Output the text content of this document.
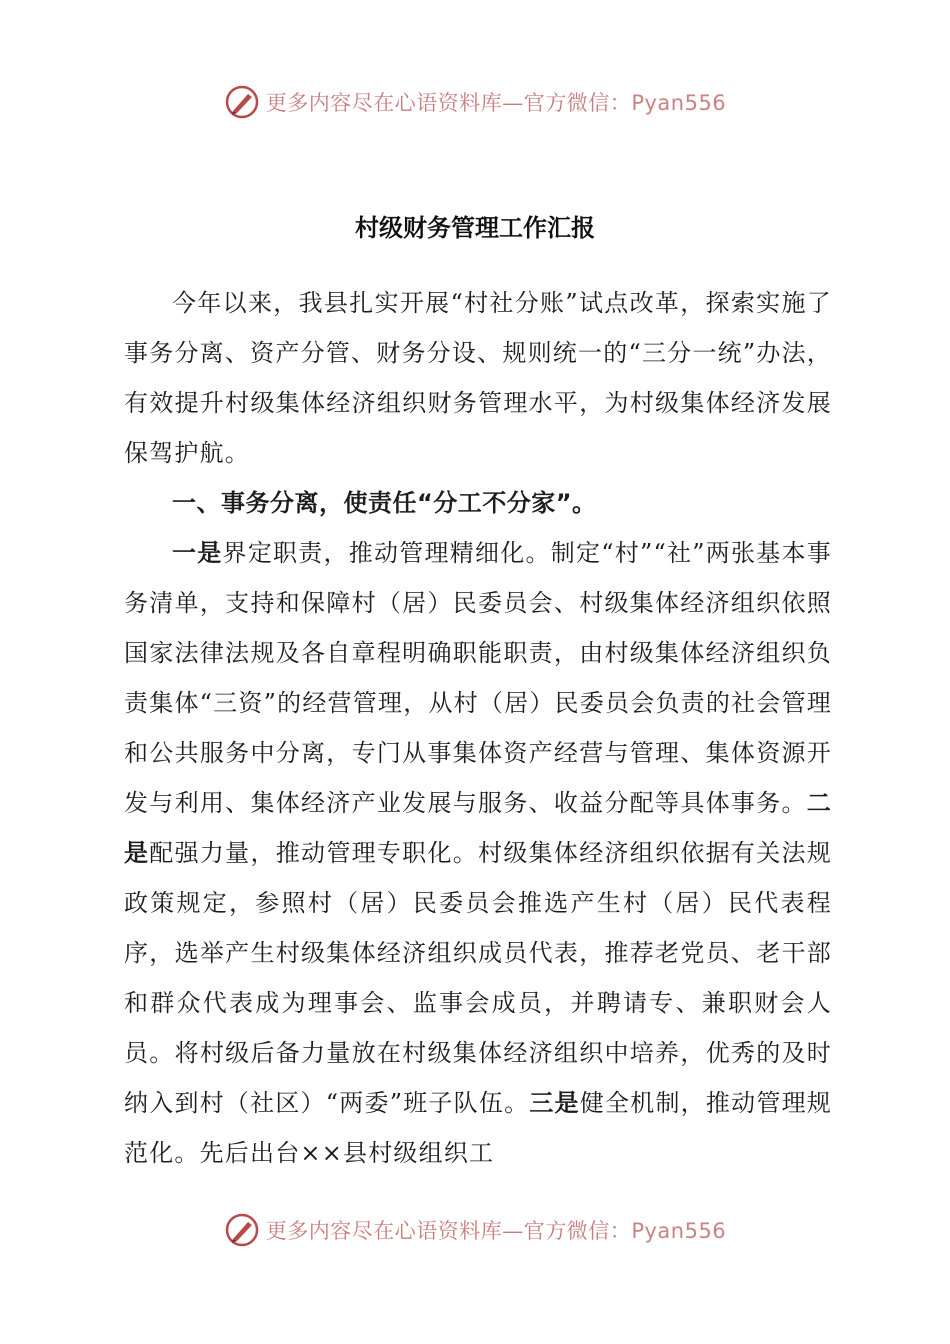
更多内容尽在心语资料库—官方微信：Pyan556
村级财务管理工作汇报

今年以来，我县扎实开展“村社分账”试点改革，探索实施了事务分离、资产分管、财务分设、规则统一的“三分一统”办法，有效提升村级集体经济组织财务管理水平，为村级集体经济发展保驾护航。

一、事务分离，使责任“分工不分家”。

一是界定职责，推动管理精细化。制定“村”“社”两张基本事务清单，支持和保障村（居）民委员会、村级集体经济组织依照国家法律法规及各自章程明确职能职责，由村级集体经济组织负责集体“三资”的经营管理，从村（居）民委员会负责的社会管理和公共服务中分离，专门从事集体资产经营与管理、集体资源开发与利用、集体经济产业发展与服务、收益分配等具体事务。二是配强力量，推动管理专职化。村级集体经济组织依据有关法规政策规定，参照村（居）民委员会推选产生村（居）民代表程序，选举产生村级集体经济组织成员代表，推荐老党员、老干部和群众代表成为理事会、监事会成员，并聘请专、兼职财会人员。将村级后备力量放在村级集体经济组织中培养，优秀的及时纳入到村（社区）“两委”班子队伍。三是健全机制，推动管理规范化。先后出台××县村级组织工

更多内容尽在心语资料库—官方微信：Pyan556
